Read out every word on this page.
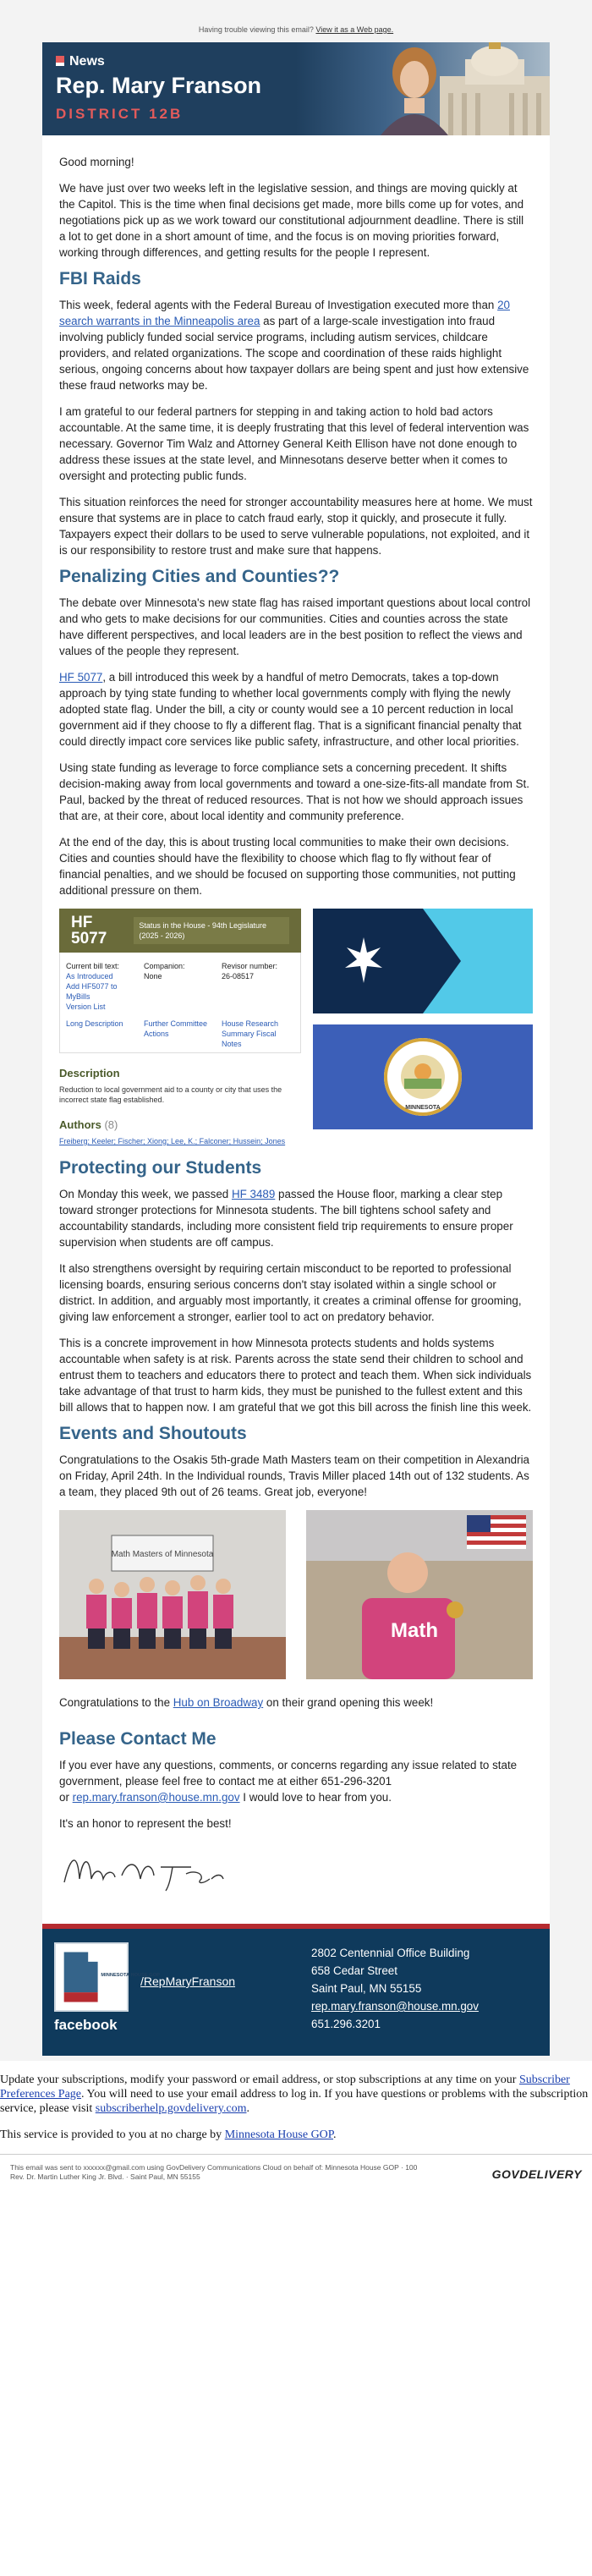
Having trouble viewing this email? View it as a Web page.
News
Rep. Mary Franson
DISTRICT 12B

Good morning!

We have just over two weeks left in the legislative session, and things are moving quickly at the Capitol. This is the time when final decisions get made, more bills come up for votes, and negotiations pick up as we work toward our constitutional adjournment deadline. There is still a lot to get done in a short amount of time, and the focus is on moving priorities forward, working through differences, and getting results for the people I represent.

FBI Raids

This week, federal agents with the Federal Bureau of Investigation executed more than 20 search warrants in the Minneapolis area as part of a large-scale investigation into fraud involving publicly funded social service programs, including autism services, childcare providers, and related organizations. The scope and coordination of these raids highlight serious, ongoing concerns about how taxpayer dollars are being spent and just how extensive these fraud networks may be.

I am grateful to our federal partners for stepping in and taking action to hold bad actors accountable. At the same time, it is deeply frustrating that this level of federal intervention was necessary. Governor Tim Walz and Attorney General Keith Ellison have not done enough to address these issues at the state level, and Minnesotans deserve better when it comes to oversight and protecting public funds.

This situation reinforces the need for stronger accountability measures here at home. We must ensure that systems are in place to catch fraud early, stop it quickly, and prosecute it fully. Taxpayers expect their dollars to be used to serve vulnerable populations, not exploited, and it is our responsibility to restore trust and make sure that happens.

Penalizing Cities and Counties??

The debate over Minnesota's new state flag has raised important questions about local control and who gets to make decisions for our communities. Cities and counties across the state have different perspectives, and local leaders are in the best position to reflect the views and values of the people they represent.

HF 5077, a bill introduced this week by a handful of metro Democrats, takes a top-down approach by tying state funding to whether local governments comply with flying the newly adopted state flag. Under the bill, a city or county would see a 10 percent reduction in local government aid if they choose to fly a different flag. That is a significant financial penalty that could directly impact core services like public safety, infrastructure, and other local priorities.

Using state funding as leverage to force compliance sets a concerning precedent. It shifts decision-making away from local governments and toward a one-size-fits-all mandate from St. Paul, backed by the threat of reduced resources. That is not how we should approach issues that are, at their core, about local identity and community preference.

At the end of the day, this is about trusting local communities to make their own decisions. Cities and counties should have the flexibility to choose which flag to fly without fear of financial penalties, and we should be focused on supporting those communities, not putting additional pressure on them.

HF 5077
Status in the House - 94th Legislature (2025 - 2026)
Current bill text:
As Introduced
Add HF5077 to MyBills
Version List
Companion:
None
Revisor number:
26-08517
Long Description	Further Committee Actions
House Research Summary Fiscal Notes
Description
Reduction to local government aid to a county or city that uses the incorrect state flag established.
Authors (8)
Freiberg; Keeler; Fischer; Xiong; Lee, K.; Falconer; Hussein; Jones

MINNESOTA
Protecting our Students

On Monday this week, we passed HF 3489 passed the House floor, marking a clear step toward stronger protections for Minnesota students. The bill tightens school safety and accountability standards, including more consistent field trip requirements to ensure proper supervision when students are off campus.

It also strengthens oversight by requiring certain misconduct to be reported to professional licensing boards, ensuring serious concerns don't stay isolated within a single school or district. In addition, and arguably most importantly, it creates a criminal offense for grooming, giving law enforcement a stronger, earlier tool to act on predatory behavior.

This is a concrete improvement in how Minnesota protects students and holds systems accountable when safety is at risk. Parents across the state send their children to school and entrust them to teachers and educators there to protect and teach them. When sick individuals take advantage of that trust to harm kids, they must be punished to the fullest extent and this bill allows that to happen now. I am grateful that we got this bill across the finish line this week.

Events and Shoutouts

Congratulations to the Osakis 5th-grade Math Masters team on their competition in Alexandria on Friday, April 24th. In the Individual rounds, Travis Miller placed 14th out of 132 students. As a team, they placed 9th out of 26 teams. Great job, everyone!

Math Masters of Minnesota
Math

Congratulations to the Hub on Broadway on their grand opening this week!

Please Contact Me

If you ever have any questions, comments, or concerns regarding any issue related to state government, please feel free to contact me at either 651-296-3201
or rep.mary.franson@house.mn.gov I would love to hear from you.

It's an honor to represent the best!

Mary D. Franson
MINNESOTA HOUSE GOP
facebook
/RepMaryFranson
2802 Centennial Office Building
658 Cedar Street
Saint Paul, MN 55155
rep.mary.franson@house.mn.gov
651.296.3201

Update your subscriptions, modify your password or email address, or stop subscriptions at any time on your Subscriber Preferences Page. You will need to use your email address to log in. If you have questions or problems with the subscription service, please visit subscriberhelp.govdelivery.com.

This service is provided to you at no charge by Minnesota House GOP.

This email was sent to xxxxxx@gmail.com using GovDelivery Communications Cloud on behalf of: Minnesota House GOP · 100
Rev. Dr. Martin Luther King Jr. Blvd. · Saint Paul, MN 55155	GOVDELIVERY
